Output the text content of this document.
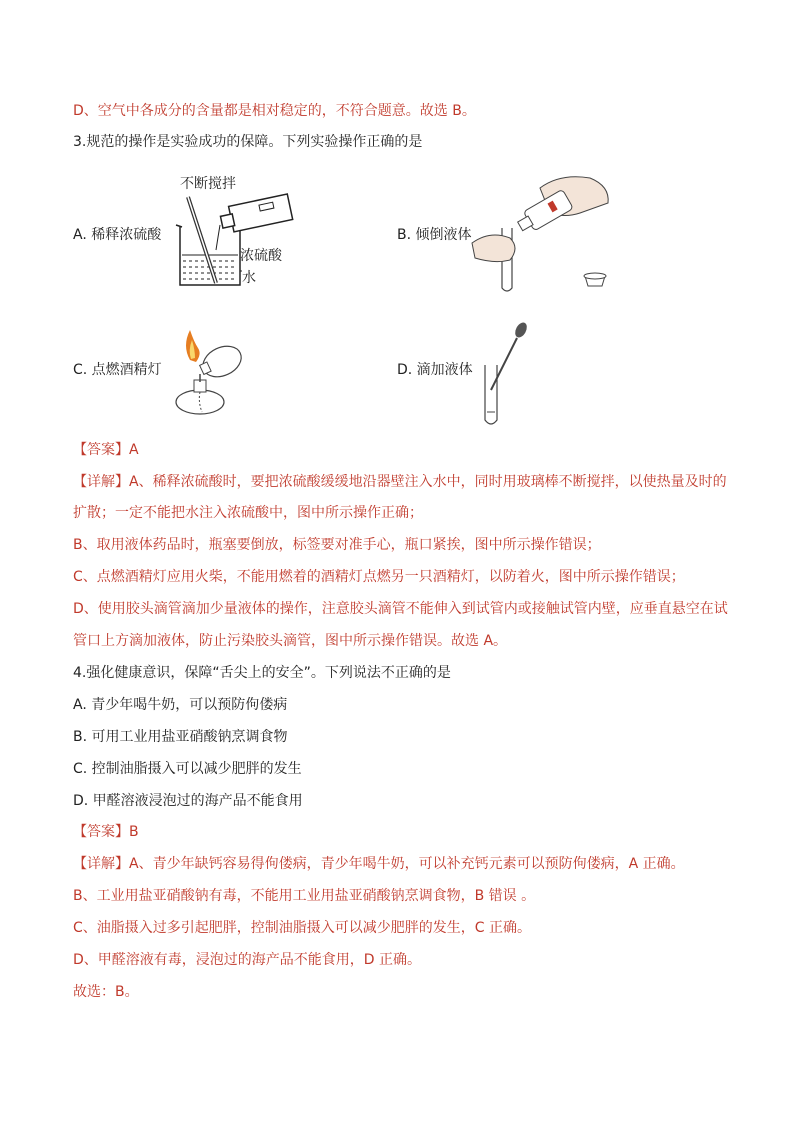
D、空气中各成分的含量都是相对稳定的，不符合题意。故选 B。
3.规范的操作是实验成功的保障。下列实验操作正确的是
A. 稀释浓硫酸
不断搅拌
浓硫酸
水
B. 倾倒液体
C. 点燃酒精灯	D. 滴加液体
【答案】A
【详解】A、稀释浓硫酸时，要把浓硫酸缓缓地沿器壁注入水中，同时用玻璃棒不断搅拌，以使热量及时的
扩散；一定不能把水注入浓硫酸中，图中所示操作正确；
B、取用液体药品时，瓶塞要倒放，标签要对准手心，瓶口紧挨，图中所示操作错误；
C、点燃酒精灯应用火柴，不能用燃着的酒精灯点燃另一只酒精灯，以防着火，图中所示操作错误；
D、使用胶头滴管滴加少量液体的操作，注意胶头滴管不能伸入到试管内或接触试管内壁，应垂直悬空在试
管口上方滴加液体，防止污染胶头滴管，图中所示操作错误。故选 A。
4.强化健康意识，保障“舌尖上的安全”。下列说法不正确的是
A. 青少年喝牛奶，可以预防佝偻病
B. 可用工业用盐亚硝酸钠烹调食物
C. 控制油脂摄入可以减少肥胖的发生
D. 甲醛溶液浸泡过的海产品不能食用
【答案】B
【详解】A、青少年缺钙容易得佝偻病，青少年喝牛奶，可以补充钙元素可以预防佝偻病，A 正确。
B、工业用盐亚硝酸钠有毒，不能用工业用盐亚硝酸钠烹调食物，B 错误 。
C、油脂摄入过多引起肥胖，控制油脂摄入可以减少肥胖的发生，C 正确。
D、甲醛溶液有毒，浸泡过的海产品不能食用，D 正确。
故选：B。
